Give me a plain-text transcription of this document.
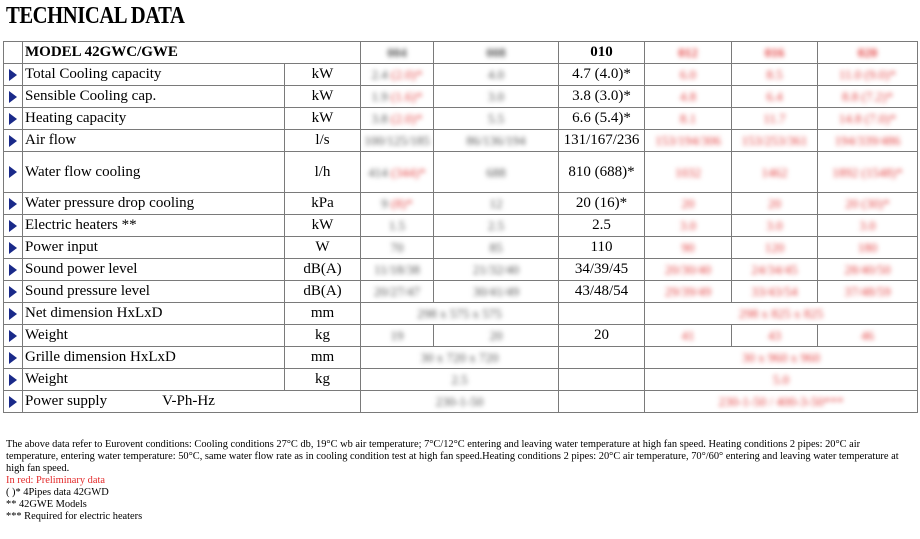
TECHNICAL DATA
	MODEL 42GWC/GWE		004	008	010	012	016	020

	Total Cooling capacity	kW	2.4 (2.0)*	4.0	4.7 (4.0)*	6.0	8.5	11.0 (9.0)*

	Sensible Cooling cap.	kW	1.9 (1.6)*	3.0	3.8 (3.0)*	4.8	6.4	8.8 (7.2)*

	Heating capacity	kW	3.8 (2.0)*	5.5	6.6 (5.4)*	8.1	11.7	14.8 (7.0)*

	Air flow	l/s	100/125/185	86/136/194	131/167/236	153/194/306	153/253/361	194/339/486

	Water flow cooling	l/h	414 (344)*	688	810 (688)*	1032	1462	1892 (1548)*

	Water pressure drop cooling	kPa	9 (8)*	12	20 (16)*	20	20	20 (30)*

	Electric heaters **	kW	1.5	2.5	2.5	3.0	3.0	3.0

	Power input	W	70	85	110	90	120	180

	Sound power level	dB(A)	11/18/38	21/32/40	34/39/45	20/30/40	24/34/45	28/40/50

	Sound pressure level	dB(A)	20/27/47	30/41/49	43/48/54	29/39/49	33/43/54	37/48/59

	Net dimension HxLxD	mm	298 x 575 x 575			298 x 825 x 825		

	Weight	kg	19	20	20	41	43	46

	Grille dimension HxLxD	mm	30 x 720 x 720			30 x 960 x 960		

	Weight	kg	2.5			5.0		

	Power supply V-Ph-Hz		230-1-50			230-1-50 / 400-3-50***		

The above data refer to Eurovent conditions: Cooling conditions 27°C db, 19°C wb air temperature; 7°C/12°C entering and leaving water temperature at high fan speed. Heating conditions 2 pipes: 20°C air temperature, entering water temperature: 50°C, same water flow rate as in cooling condition test at high fan speed.Heating conditions 2 pipes: 20°C air temperature, 70°/60° entering and leaving water temperature at high fan speed.

In red: Preliminary data

( )* 4Pipes data 42GWD

** 42GWE Models

*** Required for electric heaters
